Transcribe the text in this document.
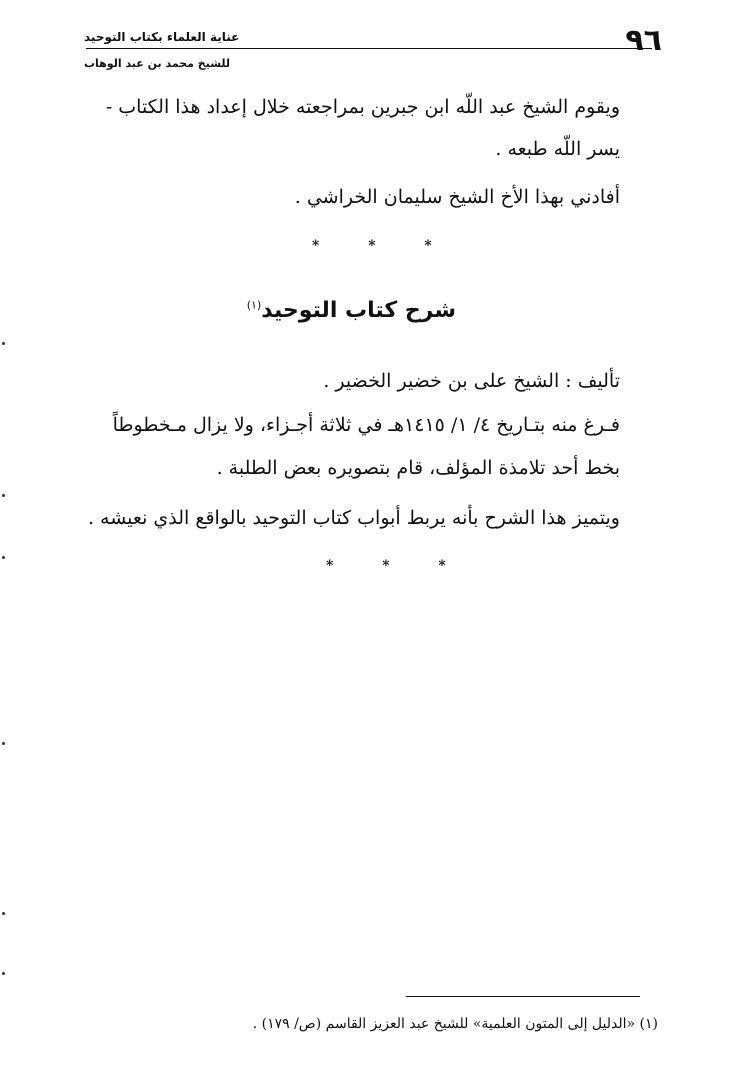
٩٦
عناية العلماء بكتاب التوحيد
للشيخ محمد بن عبد الوهاب

ويقوم الشيخ عبد اللّه ابن جبرين بمراجعته خلال إعداد هذا الكتاب -

يسر اللّه طبعه .

أفادني بهذا الأخ الشيخ سليمان الخراشي .

* * *
شرح كتاب التوحيد$^{(١)}$

تأليف : الشيخ على بن خضير الخضير .

فـرغ منه بتـاريخ ٤/ ١/ ١٤١٥هـ في ثلاثة أجـزاء، ولا يزال مـخطوطاً

بخط أحد تلامذة المؤلف، قام بتصويره بعض الطلبة .

ويتميز هذا الشرح بأنه يربط أبواب كتاب التوحيد بالواقع الذي نعيشه .

* * *

(١) «الدليل إلى المتون العلمية» للشيخ عبد العزيز القاسم (ص/ ١٧٩) .
